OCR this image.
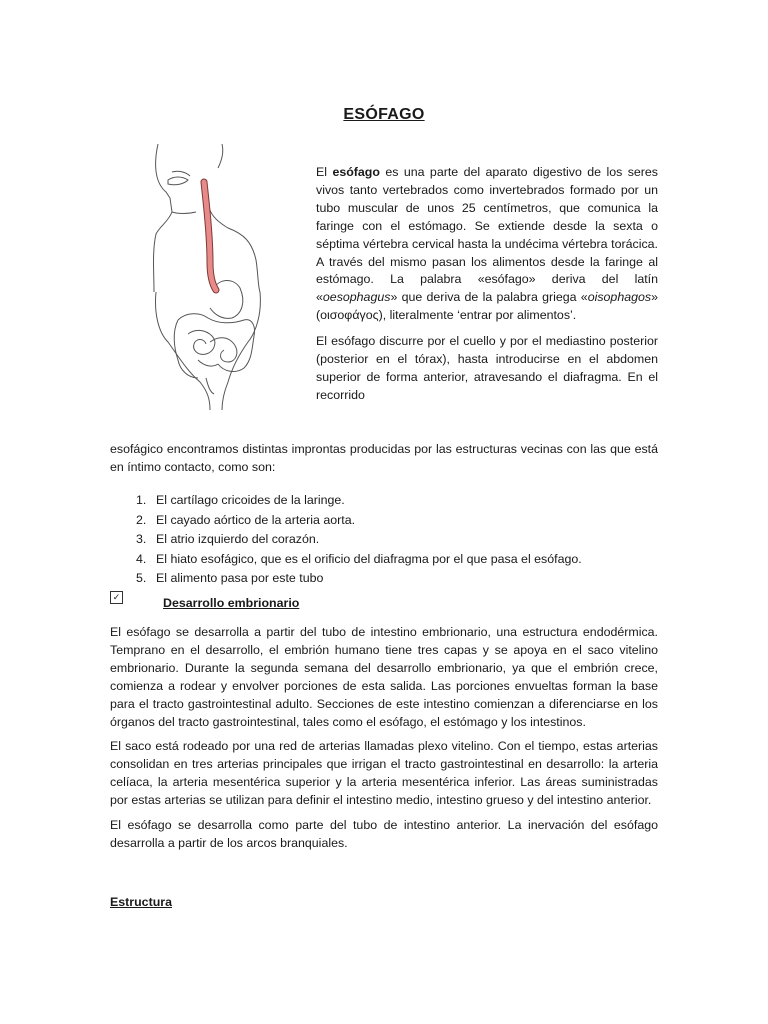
ESÓFAGO

El esófago es una parte del aparato digestivo de los seres vivos tanto vertebrados como invertebrados formado por un tubo muscular de unos 25 centímetros, que comunica la faringe con el estómago. Se extiende desde la sexta o séptima vértebra cervical hasta la undécima vértebra torácica. A través del mismo pasan los alimentos desde la faringe al estómago. La palabra «esófago» deriva del latín «oesophagus» que deriva de la palabra griega «oisophagos» (οισοφάγος), literalmente ‘entrar por alimentos’.

El esófago discurre por el cuello y por el mediastino posterior (posterior en el tórax), hasta introducirse en el abdomen superior de forma anterior, atravesando el diafragma. En el recorrido

esofágico encontramos distintas improntas producidas por las estructuras vecinas con las que está en íntimo contacto, como son:

1. El cartílago cricoides de la laringe.
2. El cayado aórtico de la arteria aorta.
3. El atrio izquierdo del corazón.
4. El hiato esofágico, que es el orificio del diafragma por el que pasa el esófago.
5. El alimento pasa por este tubo
✓	Desarrollo embrionario

El esófago se desarrolla a partir del tubo de intestino embrionario, una estructura endodérmica. Temprano en el desarrollo, el embrión humano tiene tres capas y se apoya en el saco vitelino embrionario. Durante la segunda semana del desarrollo embrionario, ya que el embrión crece, comienza a rodear y envolver porciones de esta salida. Las porciones envueltas forman la base para el tracto gastrointestinal adulto. Secciones de este intestino comienzan a diferenciarse en los órganos del tracto gastrointestinal, tales como el esófago, el estómago y los intestinos.

El saco está rodeado por una red de arterias llamadas plexo vitelino. Con el tiempo, estas arterias consolidan en tres arterias principales que irrigan el tracto gastrointestinal en desarrollo: la arteria celíaca, la arteria mesentérica superior y la arteria mesentérica inferior. Las áreas suministradas por estas arterias se utilizan para definir el intestino medio, intestino grueso y del intestino anterior.

El esófago se desarrolla como parte del tubo de intestino anterior. La inervación del esófago desarrolla a partir de los arcos branquiales.

Estructura
